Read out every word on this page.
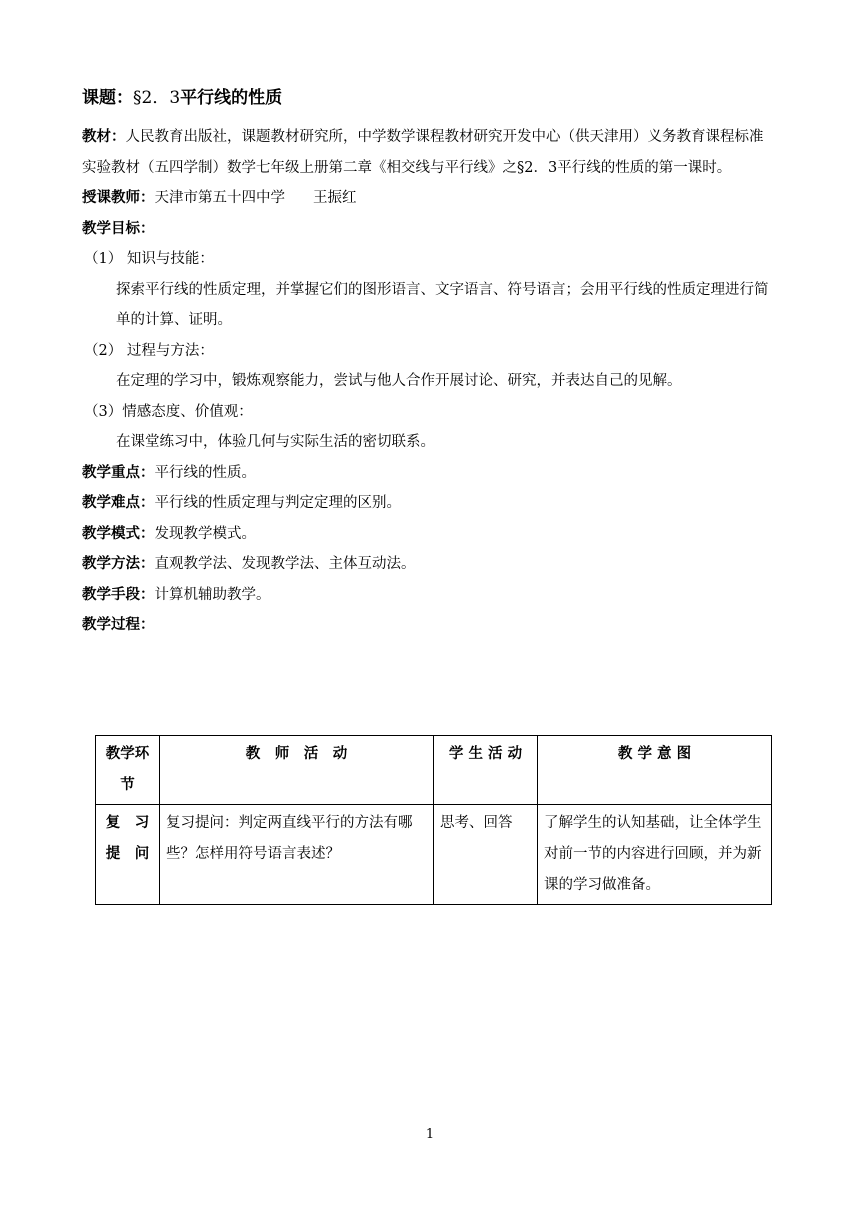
课题：§2．3平行线的性质

教材：人民教育出版社，课题教材研究所，中学数学课程教材研究开发中心（供天津用）义务教育课程标准实验教材（五四学制）数学七年级上册第二章《相交线与平行线》之§2．3平行线的性质的第一课时。

授课教师：天津市第五十四中学 王振红

教学目标：

（1） 知识与技能：

探索平行线的性质定理，并掌握它们的图形语言、文字语言、符号语言；会用平行线的性质定理进行简单的计算、证明。

（2） 过程与方法：

在定理的学习中，锻炼观察能力，尝试与他人合作开展讨论、研究，并表达自己的见解。

（3）情感态度、价值观：

在课堂练习中，体验几何与实际生活的密切联系。

教学重点：平行线的性质。

教学难点：平行线的性质定理与判定定理的区别。

教学模式：发现教学模式。

教学方法：直观教学法、发现教学法、主体互动法。

教学手段：计算机辅助教学。

教学过程：

教学环节	教　师　活　动	学 生 活 动	教 学 意 图
复　习提　问	复习提问：判定两直线平行的方法有哪些？怎样用符号语言表述？	思考、回答	了解学生的认知基础，让全体学生对前一节的内容进行回顾，并为新课的学习做准备。
1
